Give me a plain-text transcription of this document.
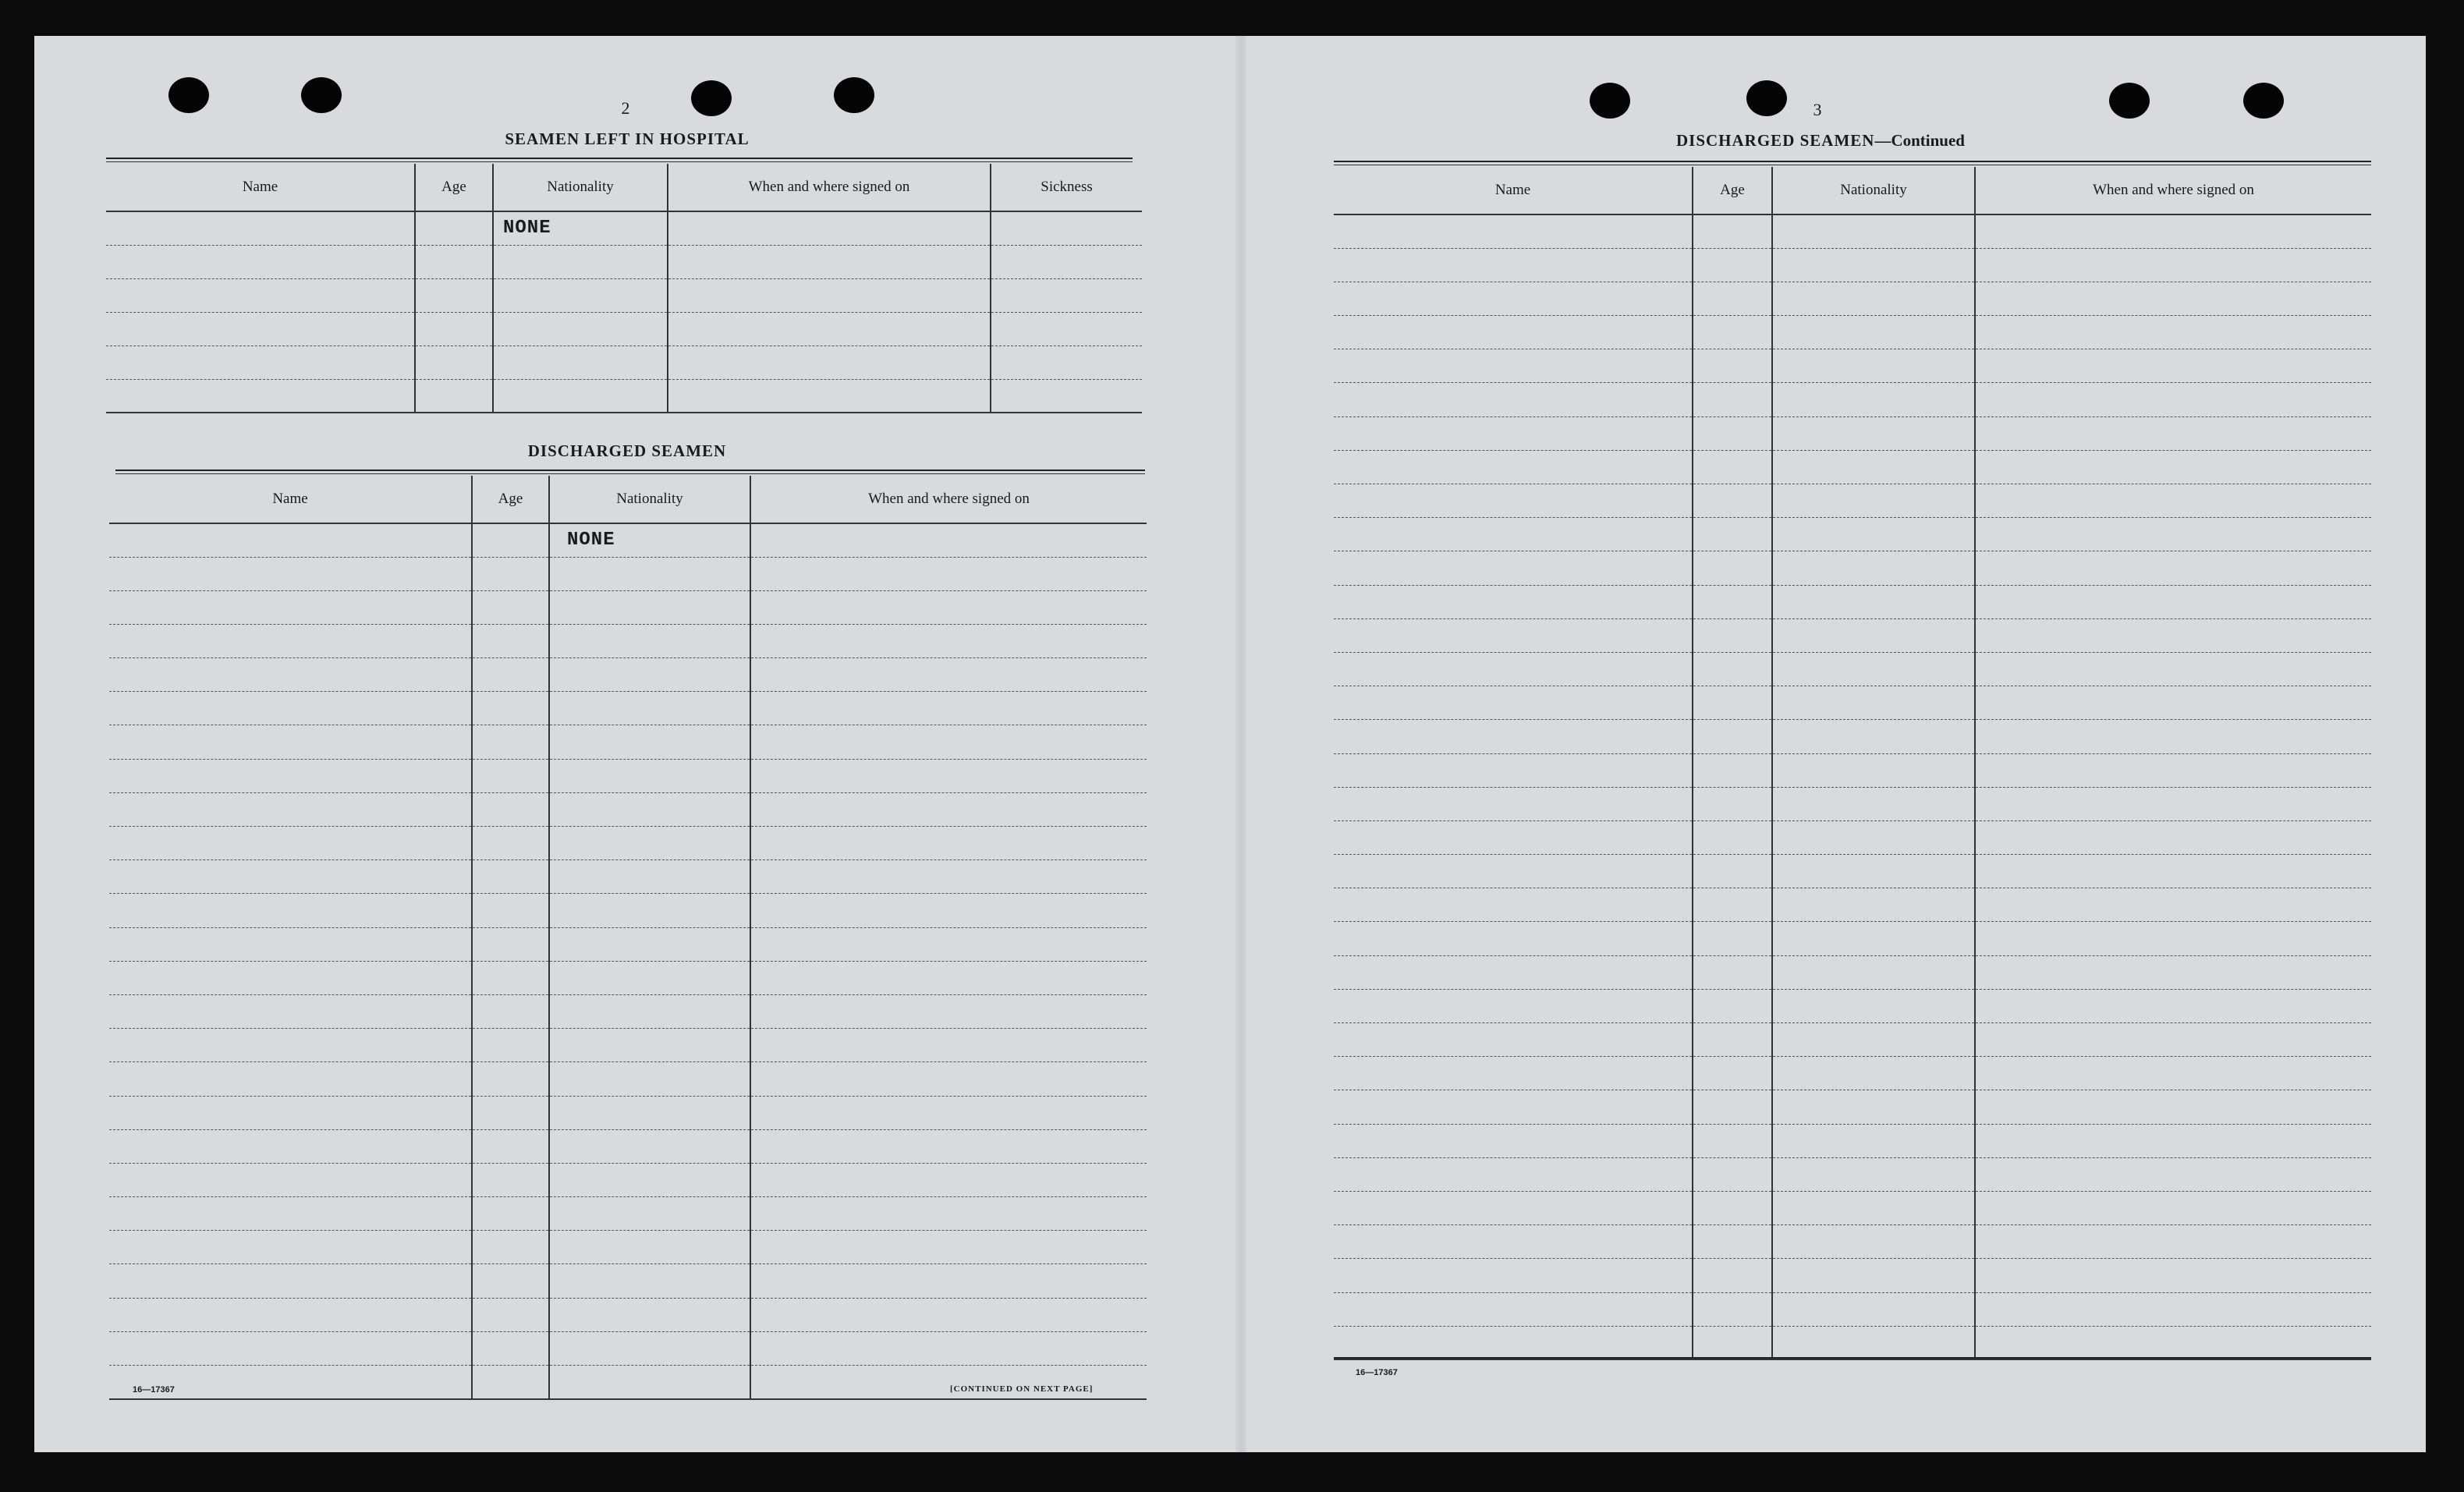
2
SEAMEN LEFT IN HOSPITAL
Name	Age	Nationality	When and where signed on	Sickness
		NONE		

DISCHARGED SEAMEN
Name	Age	Nationality	When and where signed on
		NONE	

16—17367	[CONTINUED ON NEXT PAGE]
3
DISCHARGED SEAMEN—Continued
Name	Age	Nationality	When and where signed on

16—17367
